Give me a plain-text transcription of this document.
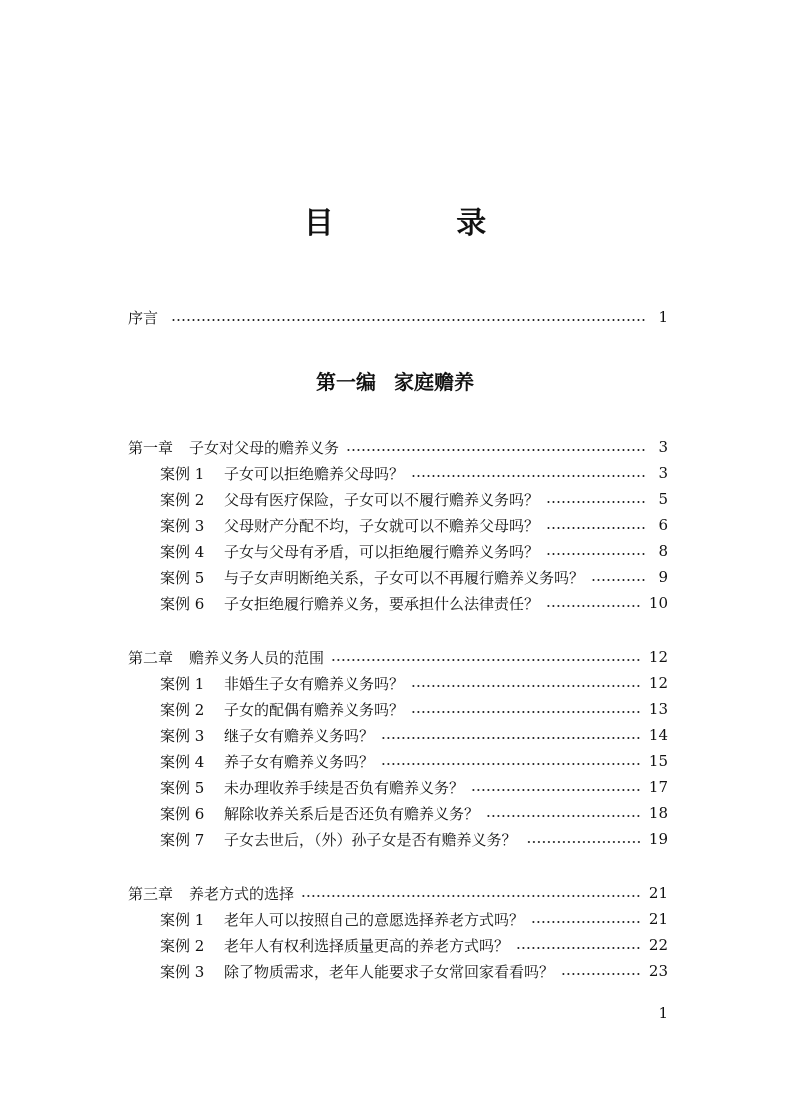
目 录
序言	1
第一编 家庭赡养
第一章 子女对父母的赡养义务	3
案例 1	子女可以拒绝赡养父母吗？	3
案例 2	父母有医疗保险，子女可以不履行赡养义务吗？	5
案例 3	父母财产分配不均，子女就可以不赡养父母吗？	6
案例 4	子女与父母有矛盾，可以拒绝履行赡养义务吗？	8
案例 5	与子女声明断绝关系，子女可以不再履行赡养义务吗？	9
案例 6	子女拒绝履行赡养义务，要承担什么法律责任？	10
第二章 赡养义务人员的范围	12
案例 1	非婚生子女有赡养义务吗？	12
案例 2	子女的配偶有赡养义务吗？	13
案例 3	继子女有赡养义务吗？	14
案例 4	养子女有赡养义务吗？	15
案例 5	未办理收养手续是否负有赡养义务？	17
案例 6	解除收养关系后是否还负有赡养义务？	18
案例 7	子女去世后，（外）孙子女是否有赡养义务？	19
第三章 养老方式的选择	21
案例 1	老年人可以按照自己的意愿选择养老方式吗？	21
案例 2	老年人有权利选择质量更高的养老方式吗？	22
案例 3	除了物质需求，老年人能要求子女常回家看看吗？	23
1
